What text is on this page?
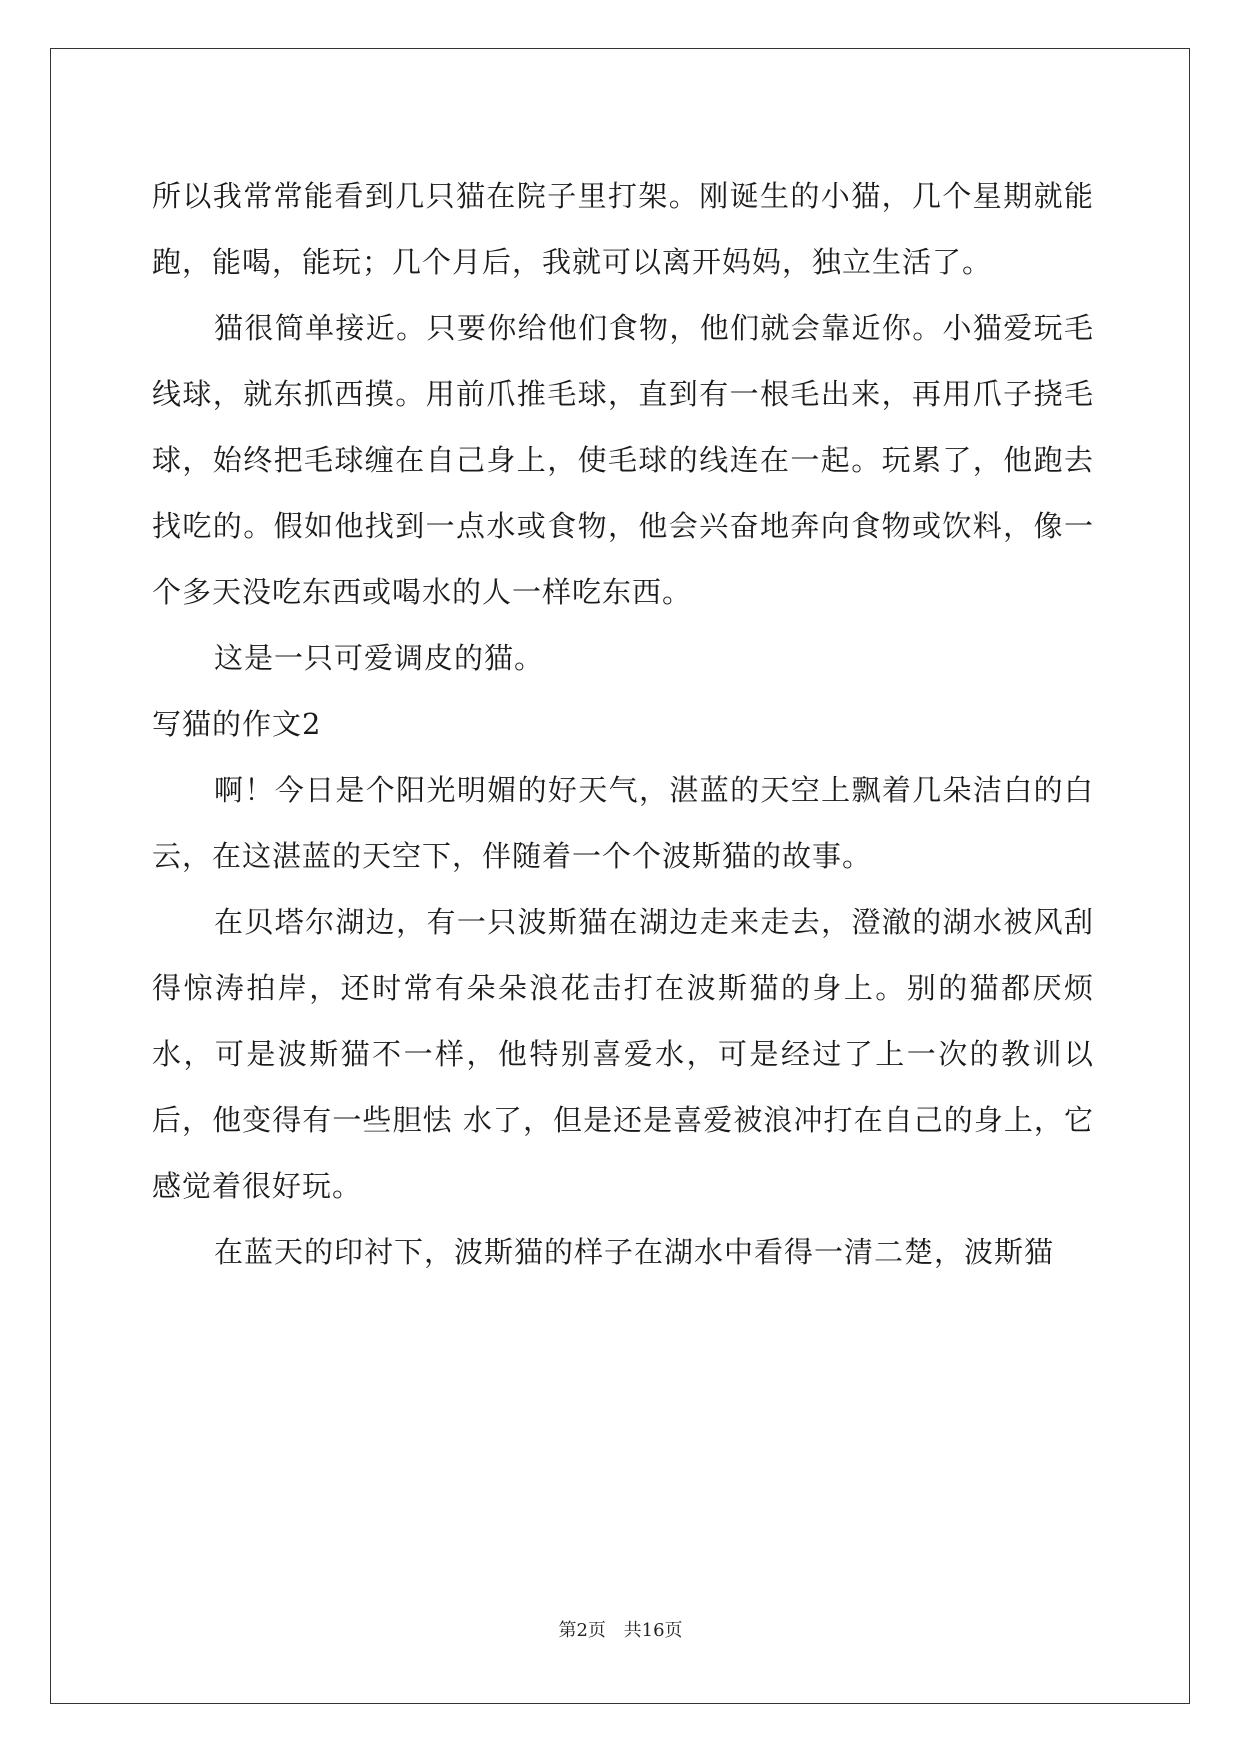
所以我常常能看到几只猫在院子里打架。刚诞生的小猫，几个星期就能跑，能喝，能玩；几个月后，我就可以离开妈妈，独立生活了。

猫很简单接近。只要你给他们食物，他们就会靠近你。小猫爱玩毛线球，就东抓西摸。用前爪推毛球，直到有一根毛出来，再用爪子挠毛球，始终把毛球缠在自己身上，使毛球的线连在一起。玩累了，他跑去找吃的。假如他找到一点水或食物，他会兴奋地奔向食物或饮料，像一个多天没吃东西或喝水的人一样吃东西。

这是一只可爱调皮的猫。

写猫的作文2

啊！今日是个阳光明媚的好天气，湛蓝的天空上飘着几朵洁白的白云，在这湛蓝的天空下，伴随着一个个波斯猫的故事。

在贝塔尔湖边，有一只波斯猫在湖边走来走去，澄澈的湖水被风刮得惊涛拍岸，还时常有朵朵浪花击打在波斯猫的身上。别的猫都厌烦水，可是波斯猫不一样，他特别喜爱水，可是经过了上一次的教训以后，他变得有一些胆怯 水了，但是还是喜爱被浪冲打在自己的身上，它感觉着很好玩。

在蓝天的印衬下，波斯猫的样子在湖水中看得一清二楚，波斯猫

第2页 共16页
